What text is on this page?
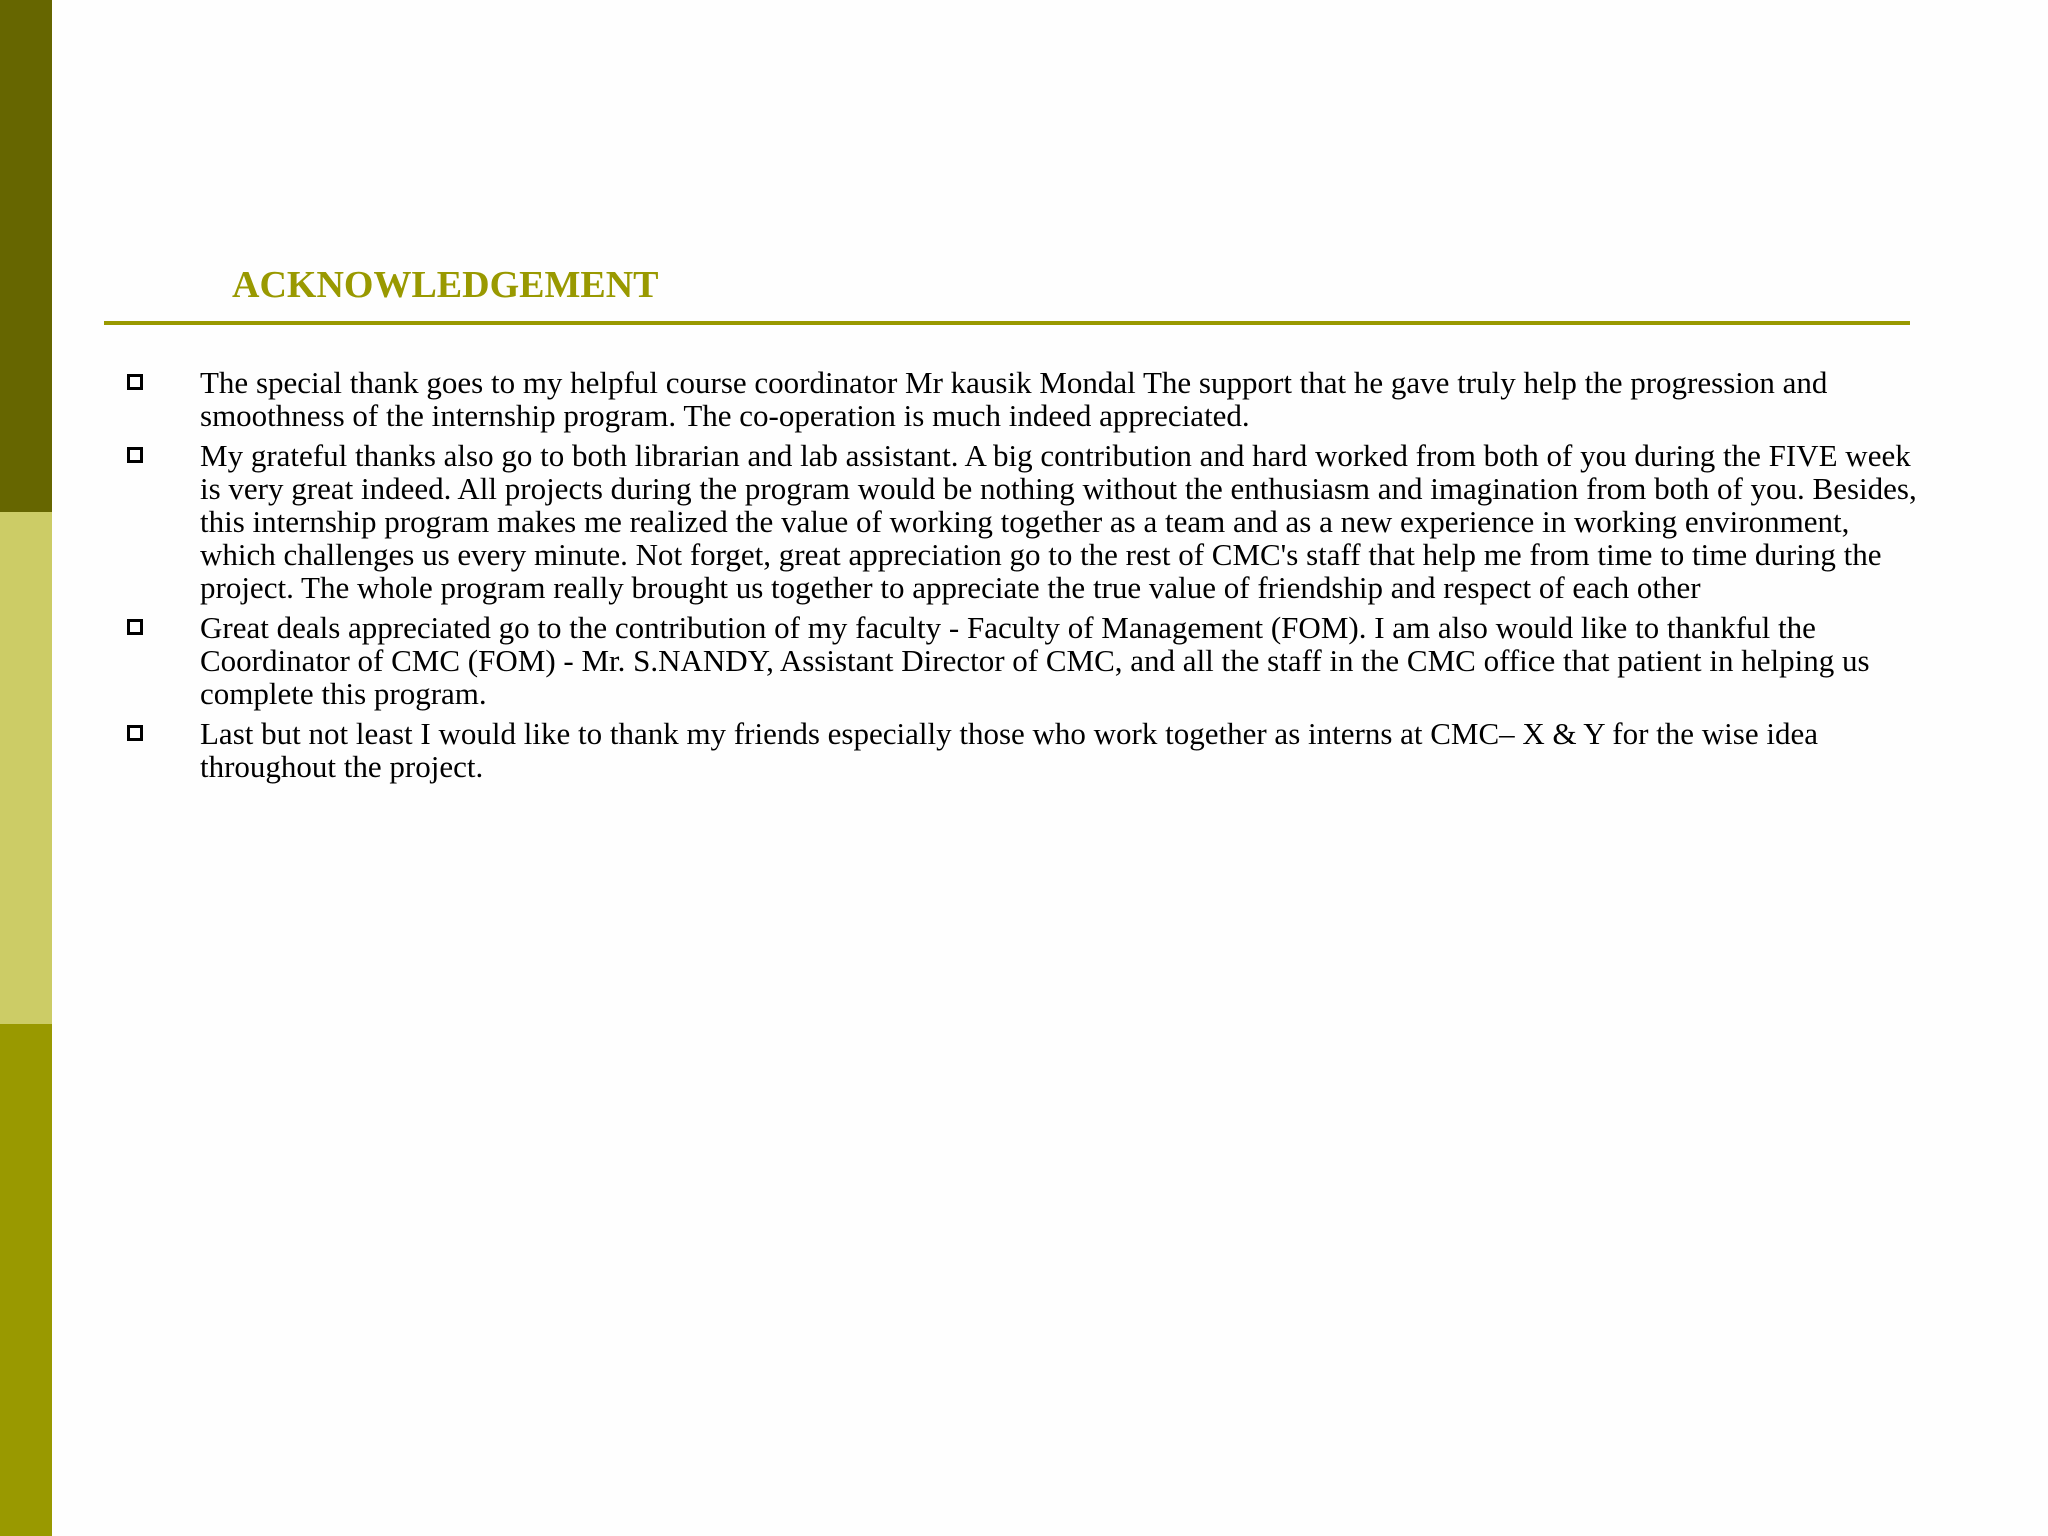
ACKNOWLEDGEMENT
The special thank goes to my helpful course coordinator Mr kausik Mondal The support that he gave truly help the progression and smoothness of the internship program. The co-operation is much indeed appreciated.
My grateful thanks also go to both librarian and lab assistant. A big contribution and hard worked from both of you during the FIVE week is very great indeed. All projects during the program would be nothing without the enthusiasm and imagination from both of you. Besides, this internship program makes me realized the value of working together as a team and as a new experience in working environment, which challenges us every minute. Not forget, great appreciation go to the rest of CMC's staff that help me from time to time during the project. The whole program really brought us together to appreciate the true value of friendship and respect of each other
Great deals appreciated go to the contribution of my faculty - Faculty of Management (FOM). I am also would like to thankful the Coordinator of CMC (FOM) - Mr. S.NANDY, Assistant Director of CMC, and all the staff in the CMC office that patient in helping us complete this program.
Last but not least I would like to thank my friends especially those who work together as interns at CMC– X & Y for the wise idea throughout the project.
